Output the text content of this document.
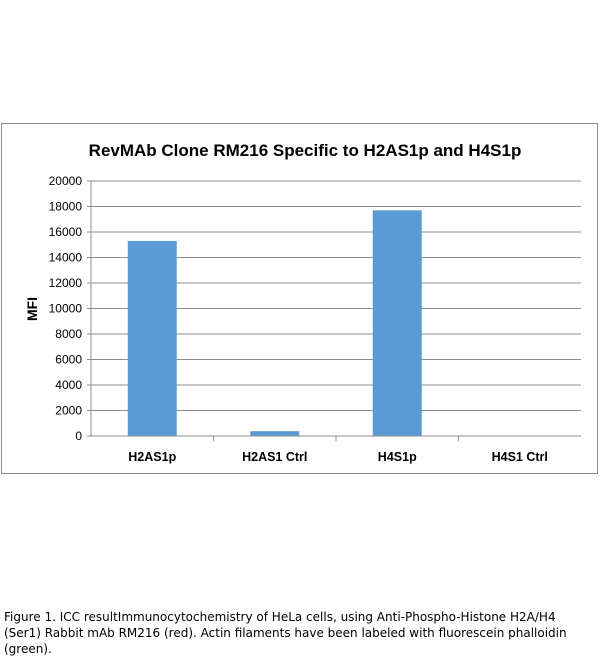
RevMAb Clone RM216 Specific to H2AS1p and H4S1p
0
2000
4000
6000
8000
10000
12000
14000
16000
18000
20000
H2AS1p	H2AS1 Ctrl	H4S1p	H4S1 Ctrl
MFI

Figure 1. ICC resultImmunocytochemistry of HeLa cells, using Anti-Phospho-Histone H2A/H4 (Ser1) Rabbit mAb RM216 (red). Actin filaments have been labeled with fluorescein phalloidin (green).
